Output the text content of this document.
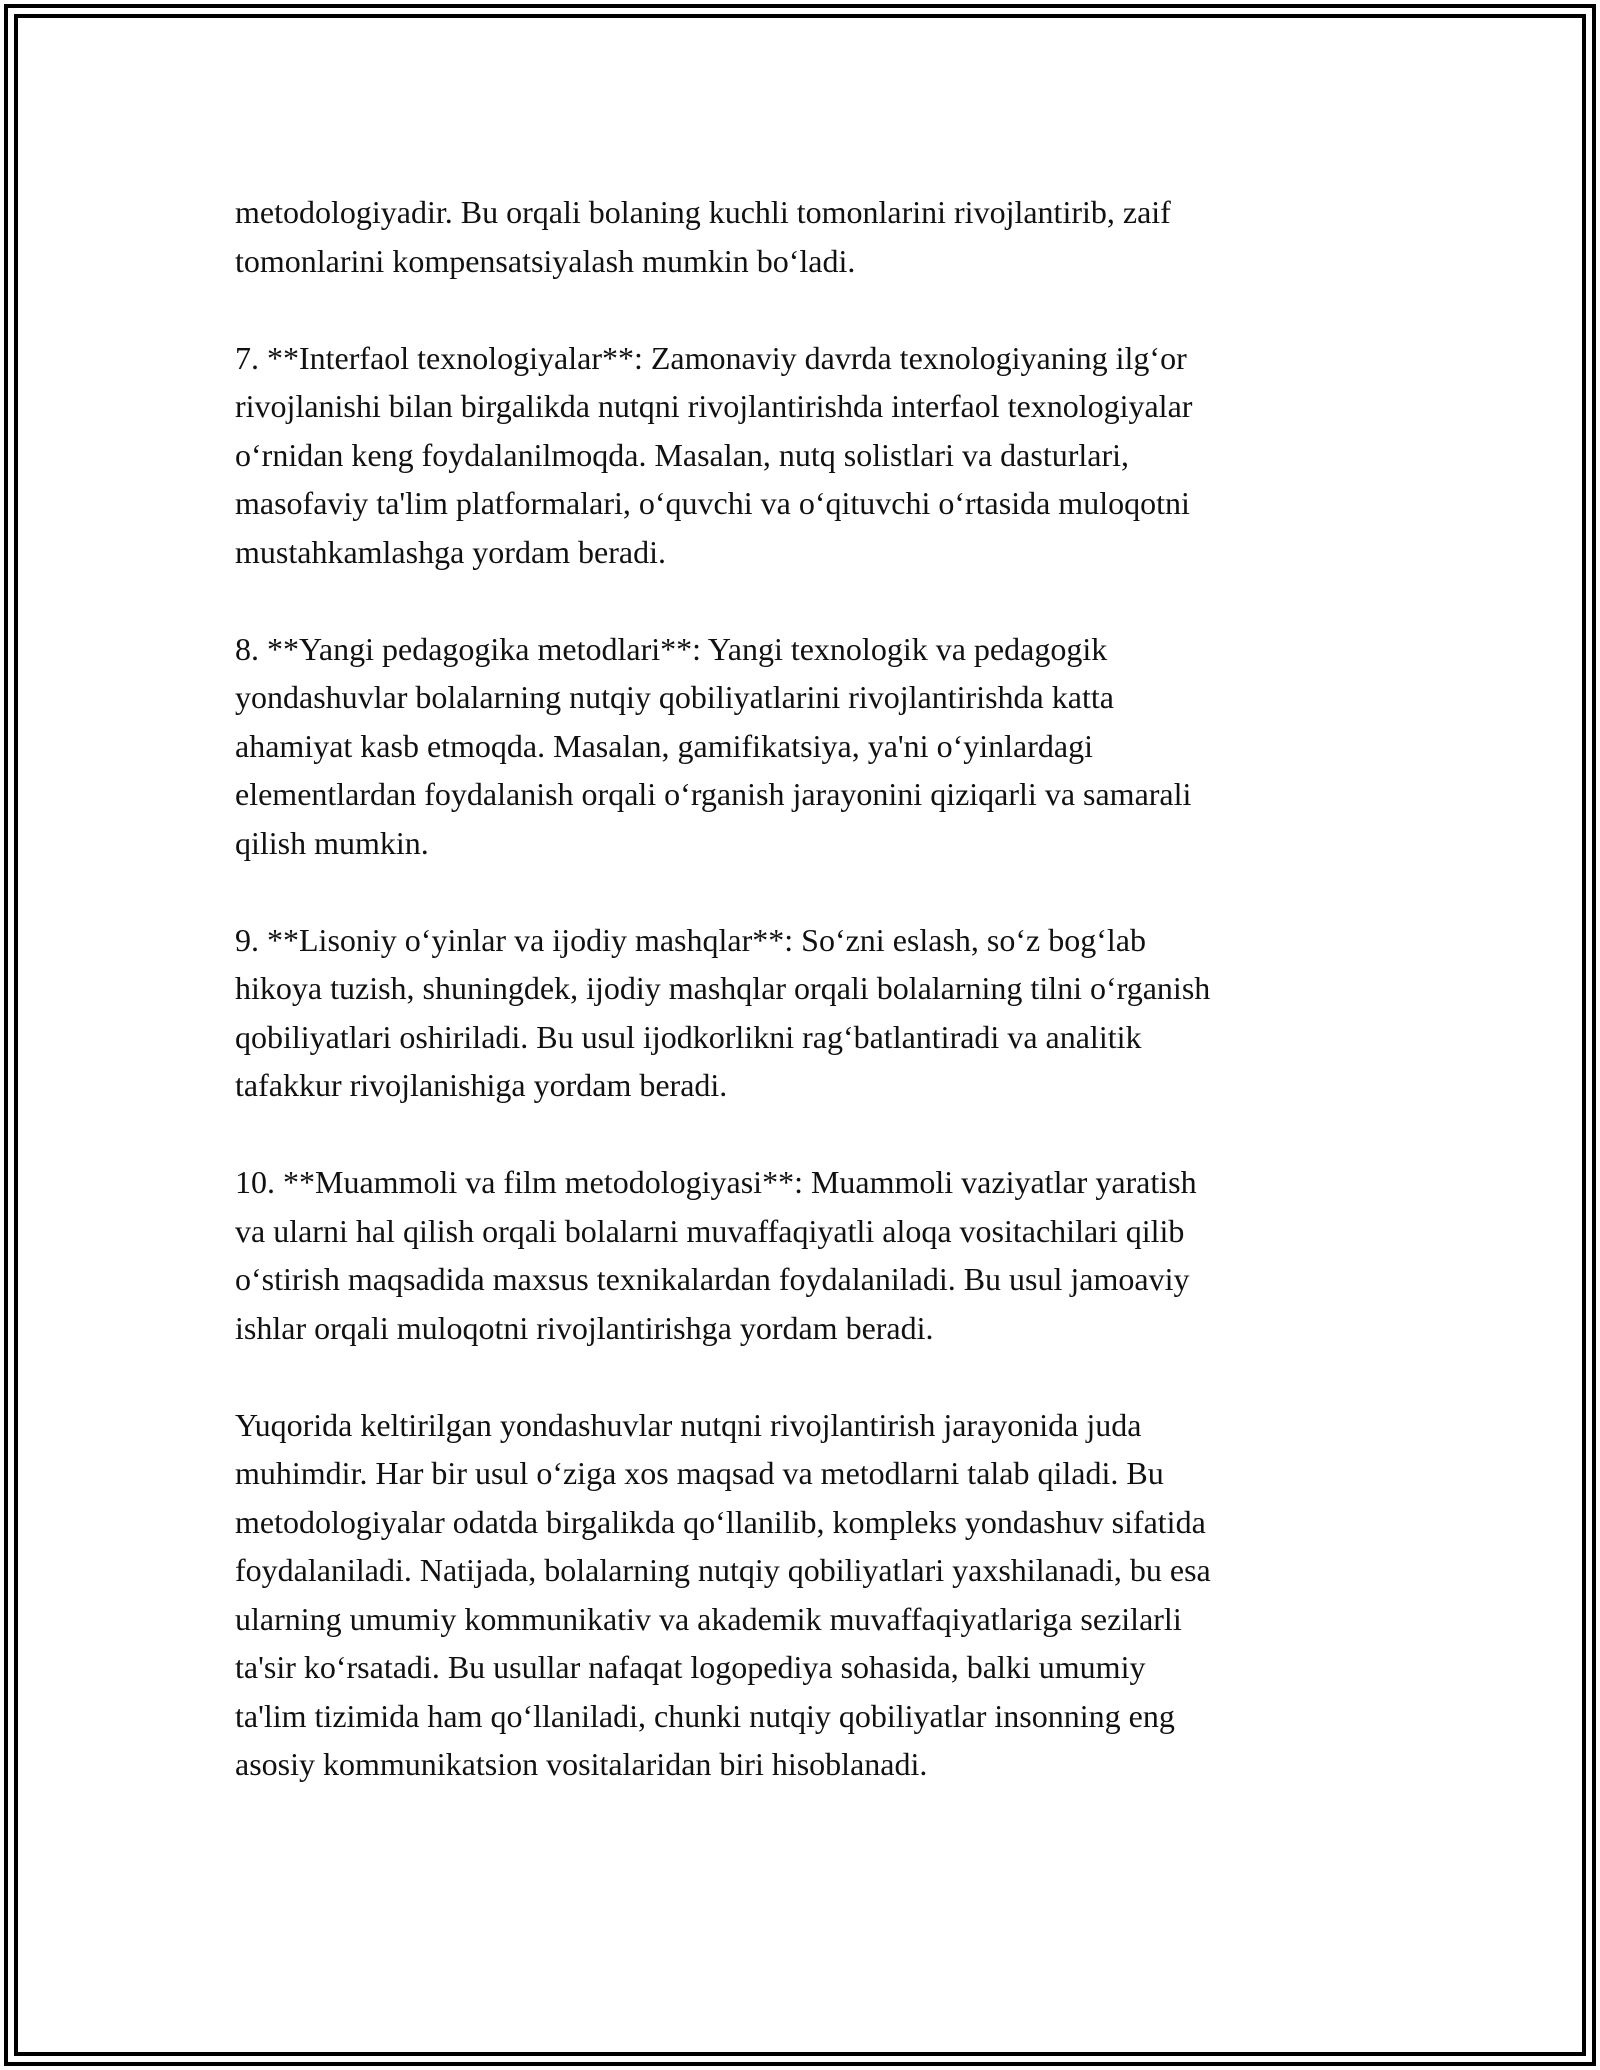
metodologiyadir. Bu orqali bolaning kuchli tomonlarini rivojlantirib, zaif
tomonlarini kompensatsiyalash mumkin bo‘ladi.

7. **Interfaol texnologiyalar**: Zamonaviy davrda texnologiyaning ilg‘or
rivojlanishi bilan birgalikda nutqni rivojlantirishda interfaol texnologiyalar
o‘rnidan keng foydalanilmoqda. Masalan, nutq solistlari va dasturlari,
masofaviy ta'lim platformalari, o‘quvchi va o‘qituvchi o‘rtasida muloqotni
mustahkamlashga yordam beradi.

8. **Yangi pedagogika metodlari**: Yangi texnologik va pedagogik
yondashuvlar bolalarning nutqiy qobiliyatlarini rivojlantirishda katta
ahamiyat kasb etmoqda. Masalan, gamifikatsiya, ya'ni o‘yinlardagi
elementlardan foydalanish orqali o‘rganish jarayonini qiziqarli va samarali
qilish mumkin.

9. **Lisoniy o‘yinlar va ijodiy mashqlar**: So‘zni eslash, so‘z bog‘lab
hikoya tuzish, shuningdek, ijodiy mashqlar orqali bolalarning tilni o‘rganish
qobiliyatlari oshiriladi. Bu usul ijodkorlikni rag‘batlantiradi va analitik
tafakkur rivojlanishiga yordam beradi.

10. **Muammoli va film metodologiyasi**: Muammoli vaziyatlar yaratish
va ularni hal qilish orqali bolalarni muvaffaqiyatli aloqa vositachilari qilib
o‘stirish maqsadida maxsus texnikalardan foydalaniladi. Bu usul jamoaviy
ishlar orqali muloqotni rivojlantirishga yordam beradi.

Yuqorida keltirilgan yondashuvlar nutqni rivojlantirish jarayonida juda
muhimdir. Har bir usul o‘ziga xos maqsad va metodlarni talab qiladi. Bu
metodologiyalar odatda birgalikda qo‘llanilib, kompleks yondashuv sifatida
foydalaniladi. Natijada, bolalarning nutqiy qobiliyatlari yaxshilanadi, bu esa
ularning umumiy kommunikativ va akademik muvaffaqiyatlariga sezilarli
ta'sir ko‘rsatadi. Bu usullar nafaqat logopediya sohasida, balki umumiy
ta'lim tizimida ham qo‘llaniladi, chunki nutqiy qobiliyatlar insonning eng
asosiy kommunikatsion vositalaridan biri hisoblanadi.
